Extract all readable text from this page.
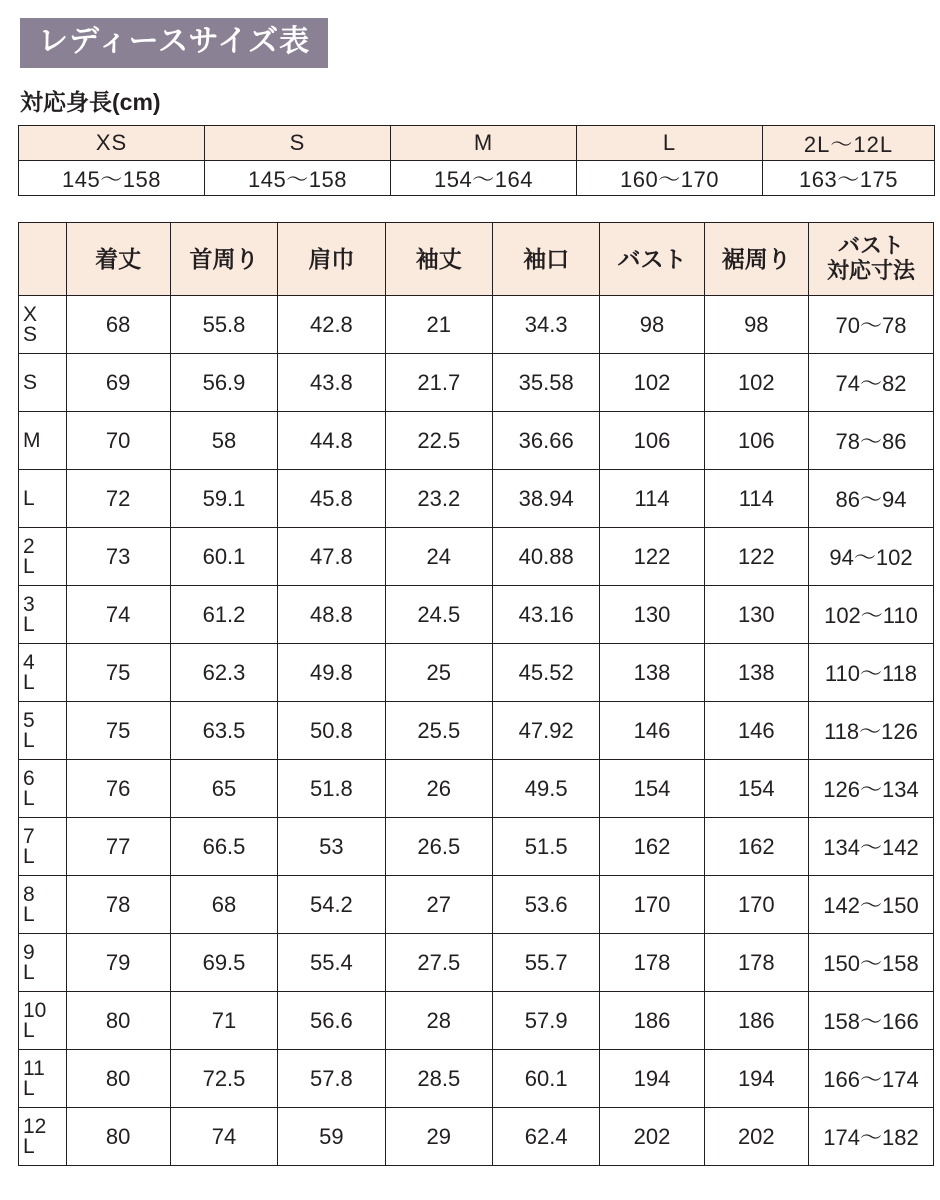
レディースサイズ表
対応身長(cm)
XS	S	M	L	2L〜12L
145〜158	145〜158	154〜164	160〜170	163〜175
	着丈	首周り	肩巾	袖丈	袖口	バスト	裾周り	バスト
対応寸法

X
S	68	55.8	42.8	21	34.3	98	98	70〜78

S	69	56.9	43.8	21.7	35.58	102	102	74〜82

M	70	58	44.8	22.5	36.66	106	106	78〜86

L	72	59.1	45.8	23.2	38.94	114	114	86〜94

2
L	73	60.1	47.8	24	40.88	122	122	94〜102

3
L	74	61.2	48.8	24.5	43.16	130	130	102〜110

4
L	75	62.3	49.8	25	45.52	138	138	110〜118

5
L	75	63.5	50.8	25.5	47.92	146	146	118〜126

6
L	76	65	51.8	26	49.5	154	154	126〜134

7
L	77	66.5	53	26.5	51.5	162	162	134〜142

8
L	78	68	54.2	27	53.6	170	170	142〜150

9
L	79	69.5	55.4	27.5	55.7	178	178	150〜158

10
L	80	71	56.6	28	57.9	186	186	158〜166

11
L	80	72.5	57.8	28.5	60.1	194	194	166〜174

12
L	80	74	59	29	62.4	202	202	174〜182
